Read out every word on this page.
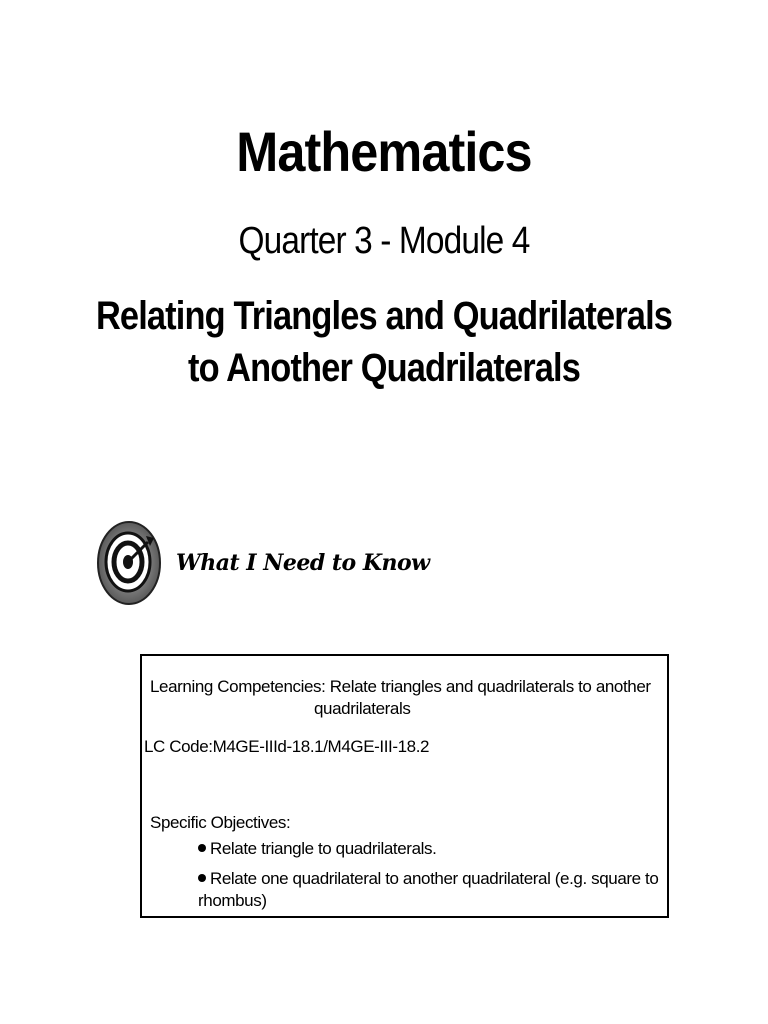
Mathematics
Quarter 3 - Module 4
Relating Triangles and Quadrilaterals
to Another Quadrilaterals
What I Need to Know
Learning Competencies: Relate triangles and quadrilaterals to another
quadrilaterals
LC Code:M4GE-IIId-18.1/M4GE-III-18.2
Specific Objectives:
Relate triangle to quadrilaterals.
Relate one quadrilateral to another quadrilateral (e.g. square to
rhombus)
